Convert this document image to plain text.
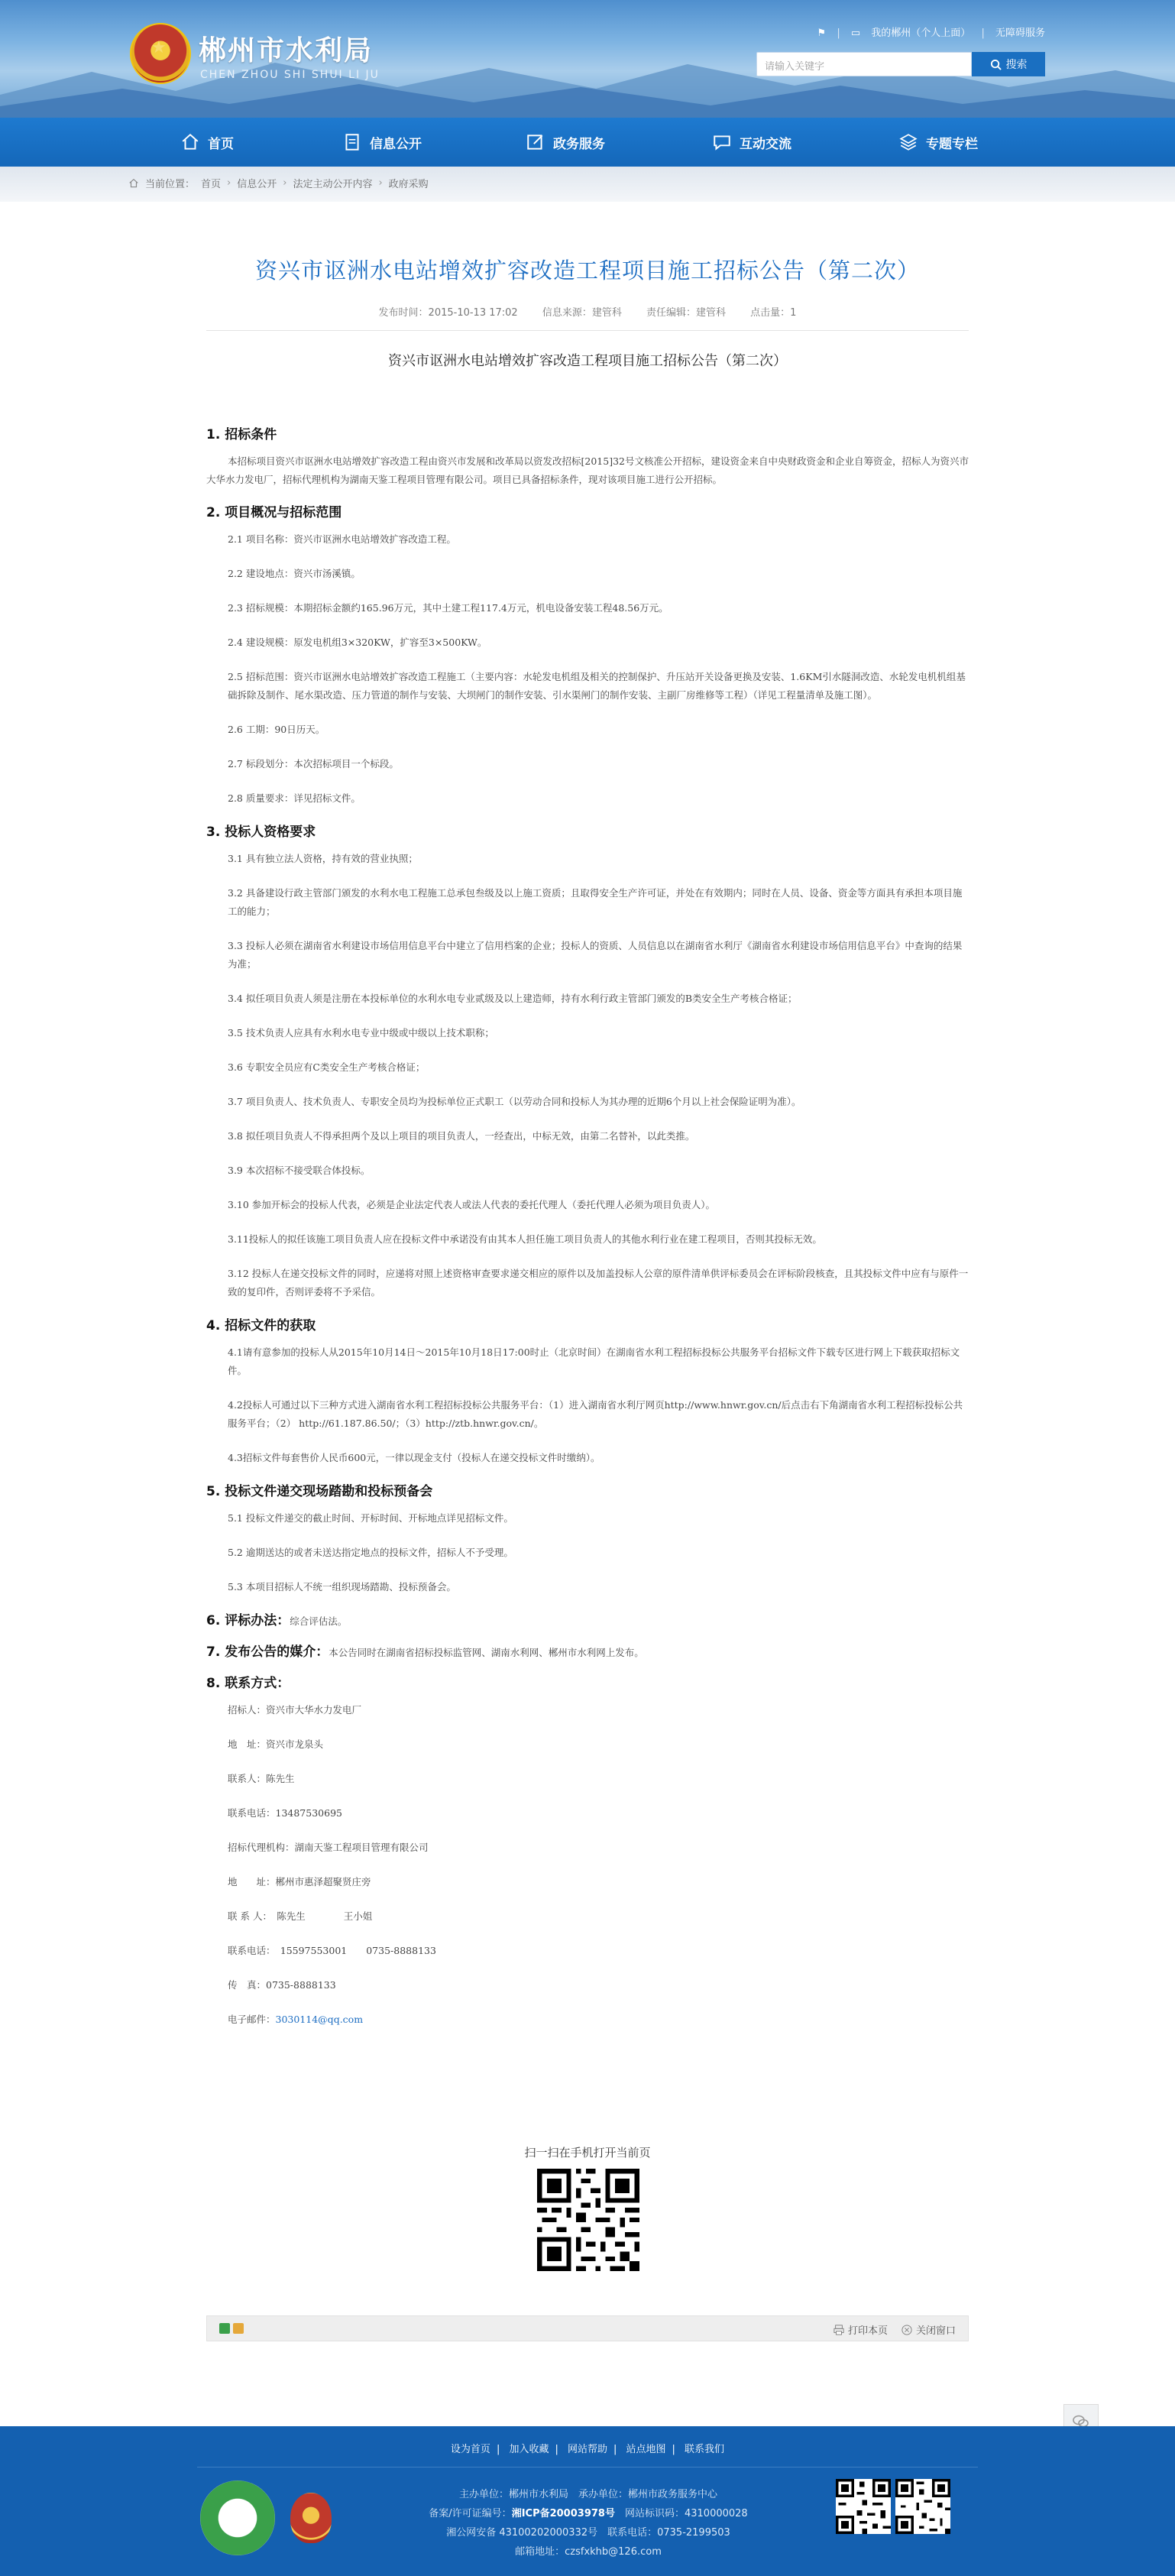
★ 郴州市水利局
CHEN ZHOU SHI SHUI LI JU
⚑ | ▭ 我的郴州（个人上面） | 无障碍服务
请输入关键字	搜索
首页	信息公开	政务服务	互动交流	专题专栏
当前位置： 首页 › 信息公开 › 法定主动公开内容 › 政府采购
资兴市讴洲水电站增效扩容改造工程项目施工招标公告（第二次）
发布时间：2015-10-13 17:02 信息来源：建管科 责任编辑：建管科 点击量：1
资兴市讴洲水电站增效扩容改造工程项目施工招标公告（第二次）
1. 招标条件
本招标项目资兴市讴洲水电站增效扩容改造工程由资兴市发展和改革局以资发改招标[2015]32号文核准公开招标，建设资金来自中央财政资金和企业自筹资金，招标人为资兴市大华水力发电厂，招标代理机构为湖南天鉴工程项目管理有限公司。项目已具备招标条件，现对该项目施工进行公开招标。
2. 项目概况与招标范围
2.1 项目名称：资兴市讴洲水电站增效扩容改造工程。
2.2 建设地点：资兴市汤溪镇。
2.3 招标规模：本期招标金额约165.96万元，其中土建工程117.4万元，机电设备安装工程48.56万元。
2.4 建设规模：原发电机组3×320KW，扩容至3×500KW。
2.5 招标范围：资兴市讴洲水电站增效扩容改造工程施工（主要内容：水轮发电机组及相关的控制保护、升压站开关设备更换及安装、1.6KM引水隧洞改造、水轮发电机机组基础拆除及制作、尾水渠改造、压力管道的制作与安装、大坝闸门的制作安装、引水渠闸门的制作安装、主副厂房维修等工程）（详见工程量清单及施工图）。
2.6 工期：90日历天。
2.7 标段划分：本次招标项目一个标段。
2.8 质量要求：详见招标文件。
3. 投标人资格要求
3.1 具有独立法人资格，持有效的营业执照；
3.2 具备建设行政主管部门颁发的水利水电工程施工总承包叁级及以上施工资质；且取得安全生产许可证，并处在有效期内；同时在人员、设备、资金等方面具有承担本项目施工的能力；
3.3 投标人必须在湖南省水利建设市场信用信息平台中建立了信用档案的企业；投标人的资质、人员信息以在湖南省水利厅《湖南省水利建设市场信用信息平台》中查询的结果为准；
3.4 拟任项目负责人须是注册在本投标单位的水利水电专业贰级及以上建造师，持有水利行政主管部门颁发的B类安全生产考核合格证；
3.5 技术负责人应具有水利水电专业中级或中级以上技术职称；
3.6 专职安全员应有C类安全生产考核合格证；
3.7 项目负责人、技术负责人、专职安全员均为投标单位正式职工（以劳动合同和投标人为其办理的近期6个月以上社会保险证明为准）。
3.8 拟任项目负责人不得承担两个及以上项目的项目负责人，一经查出，中标无效，由第二名替补，以此类推。
3.9 本次招标不接受联合体投标。
3.10 参加开标会的投标人代表，必须是企业法定代表人或法人代表的委托代理人（委托代理人必须为项目负责人）。
3.11投标人的拟任该施工项目负责人应在投标文件中承诺没有由其本人担任施工项目负责人的其他水利行业在建工程项目，否则其投标无效。
3.12 投标人在递交投标文件的同时，应递将对照上述资格审查要求递交相应的原件以及加盖投标人公章的原件清单供评标委员会在评标阶段核查，且其投标文件中应有与原件一致的复印件，否则评委将不予采信。
4. 招标文件的获取
4.1请有意参加的投标人从2015年10月14日～2015年10月18日17:00时止（北京时间）在湖南省水利工程招标投标公共服务平台招标文件下载专区进行网上下载获取招标文件。
4.2投标人可通过以下三种方式进入湖南省水利工程招标投标公共服务平台：（1）进入湖南省水利厅网页http://www.hnwr.gov.cn/后点击右下角湖南省水利工程招标投标公共服务平台；（2） http://61.187.86.50/；（3）http://ztb.hnwr.gov.cn/。
4.3招标文件每套售价人民币600元，一律以现金支付（投标人在递交投标文件时缴纳）。
5. 投标文件递交现场踏勘和投标预备会
5.1 投标文件递交的截止时间、开标时间、开标地点详见招标文件。
5.2 逾期送达的或者未送达指定地点的投标文件，招标人不予受理。
5.3 本项目招标人不统一组织现场踏勘、投标预备会。
6. 评标办法：综合评估法。
7. 发布公告的媒介：本公告同时在湖南省招标投标监管网、湖南水利网、郴州市水利网上发布。
8. 联系方式：
招标人：资兴市大华水力发电厂
地　址：资兴市龙泉头
联系人：陈先生
联系电话：13487530695
招标代理机构：湖南天鉴工程项目管理有限公司
地　　址：郴州市惠泽超聚贤庄旁
联 系 人：　陈先生　　　　王小姐
联系电话：　15597553001　　0735-8888133
传　真：0735-8888133
电子邮件：3030114@qq.com
扫一扫在手机打开当前页
打印本页	关闭窗口
设为首页 | 加入收藏 | 网站帮助 | 站点地图 | 联系我们
主办单位：郴州市水利局　承办单位：郴州市政务服务中心
备案/许可证编号：湘ICP备20003978号　 网站标识码：4310000028
湘公网安备 43100202000332号　联系电话：0735-2199503
邮箱地址：czsfxkhb@126.com
